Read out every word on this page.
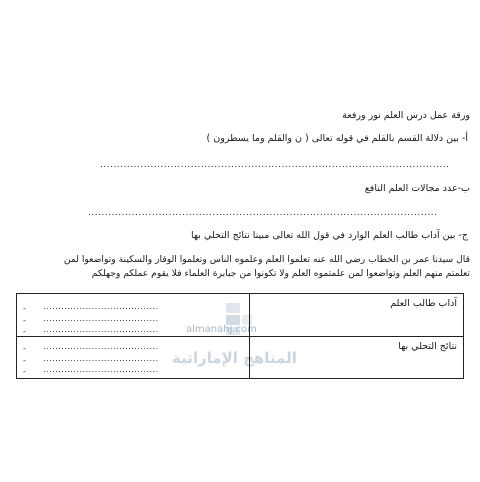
ورقة عمل درس العلم نور ورفعة
أ- بين دلالة القسم بالقلم في قوله تعالى ( ن والقلم وما يسطرون )
........................................................................................................
ب-عدد مجالات العلم النافع
........................................................................................................
ج- بين آداب طالب العلم الوارد في قول الله تعالى مبينا نتائج التحلي بها
قال سيدنا عمر بن الخطاب رضي الله عنه تعلموا العلم وعلموه الناس وتعلموا الوقار والسكينة وتواضعوا لمن
تعلمتم منهم العلم وتواضعوا لمن علمتموه العلم ولا تكونوا من جبابرة العلماء فلا يقوم عملكم وجهلكم
almanahj.com
المناهج الإماراتية
آداب طالب العلم
نتائج التحلي بها
- ......................................
- ......................................
- ......................................
- ......................................
- ......................................
- ......................................
